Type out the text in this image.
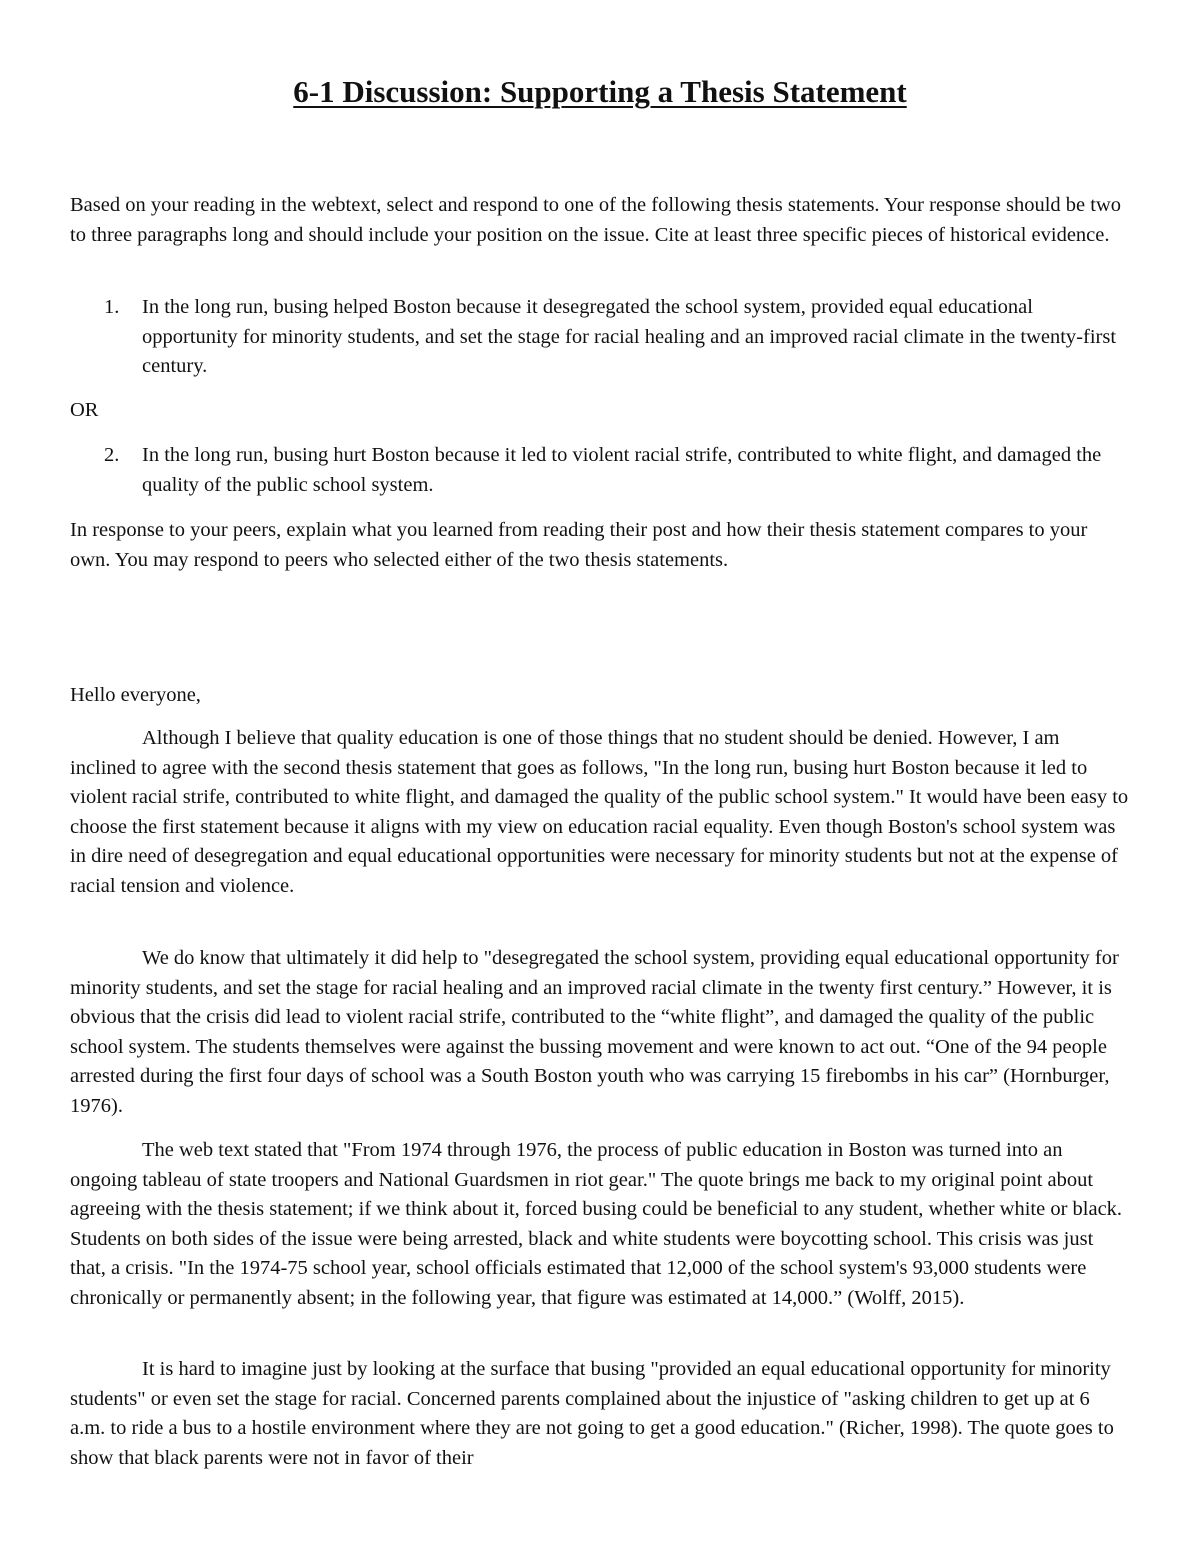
6-1 Discussion: Supporting a Thesis Statement

Based on your reading in the webtext, select and respond to one of the following thesis statements. Your response should be two to three paragraphs long and should include your position on the issue. Cite at least three specific pieces of historical evidence.

1. In the long run, busing helped Boston because it desegregated the school system, provided equal educational opportunity for minority students, and set the stage for racial healing and an improved racial climate in the twenty-first century.

OR

2. In the long run, busing hurt Boston because it led to violent racial strife, contributed to white flight, and damaged the quality of the public school system.

In response to your peers, explain what you learned from reading their post and how their thesis statement compares to your own. You may respond to peers who selected either of the two thesis statements.

Hello everyone,

Although I believe that quality education is one of those things that no student should be denied. However, I am inclined to agree with the second thesis statement that goes as follows, "In the long run, busing hurt Boston because it led to violent racial strife, contributed to white flight, and damaged the quality of the public school system." It would have been easy to choose the first statement because it aligns with my view on education racial equality. Even though Boston's school system was in dire need of desegregation and equal educational opportunities were necessary for minority students but not at the expense of racial tension and violence.

We do know that ultimately it did help to "desegregated the school system, providing equal educational opportunity for minority students, and set the stage for racial healing and an improved racial climate in the twenty first century.” However, it is obvious that the crisis did lead to violent racial strife, contributed to the “white flight”, and damaged the quality of the public school system. The students themselves were against the bussing movement and were known to act out. “One of the 94 people arrested during the first four days of school was a South Boston youth who was carrying 15 firebombs in his car” (Hornburger, 1976).

The web text stated that "From 1974 through 1976, the process of public education in Boston was turned into an ongoing tableau of state troopers and National Guardsmen in riot gear." The quote brings me back to my original point about agreeing with the thesis statement; if we think about it, forced busing could be beneficial to any student, whether white or black. Students on both sides of the issue were being arrested, black and white students were boycotting school. This crisis was just that, a crisis. "In the 1974-75 school year, school officials estimated that 12,000 of the school system's 93,000 students were chronically or permanently absent; in the following year, that figure was estimated at 14,000.” (Wolff, 2015).

It is hard to imagine just by looking at the surface that busing "provided an equal educational opportunity for minority students" or even set the stage for racial. Concerned parents complained about the injustice of "asking children to get up at 6 a.m. to ride a bus to a hostile environment where they are not going to get a good education." (Richer, 1998). The quote goes to show that black parents were not in favor of their
